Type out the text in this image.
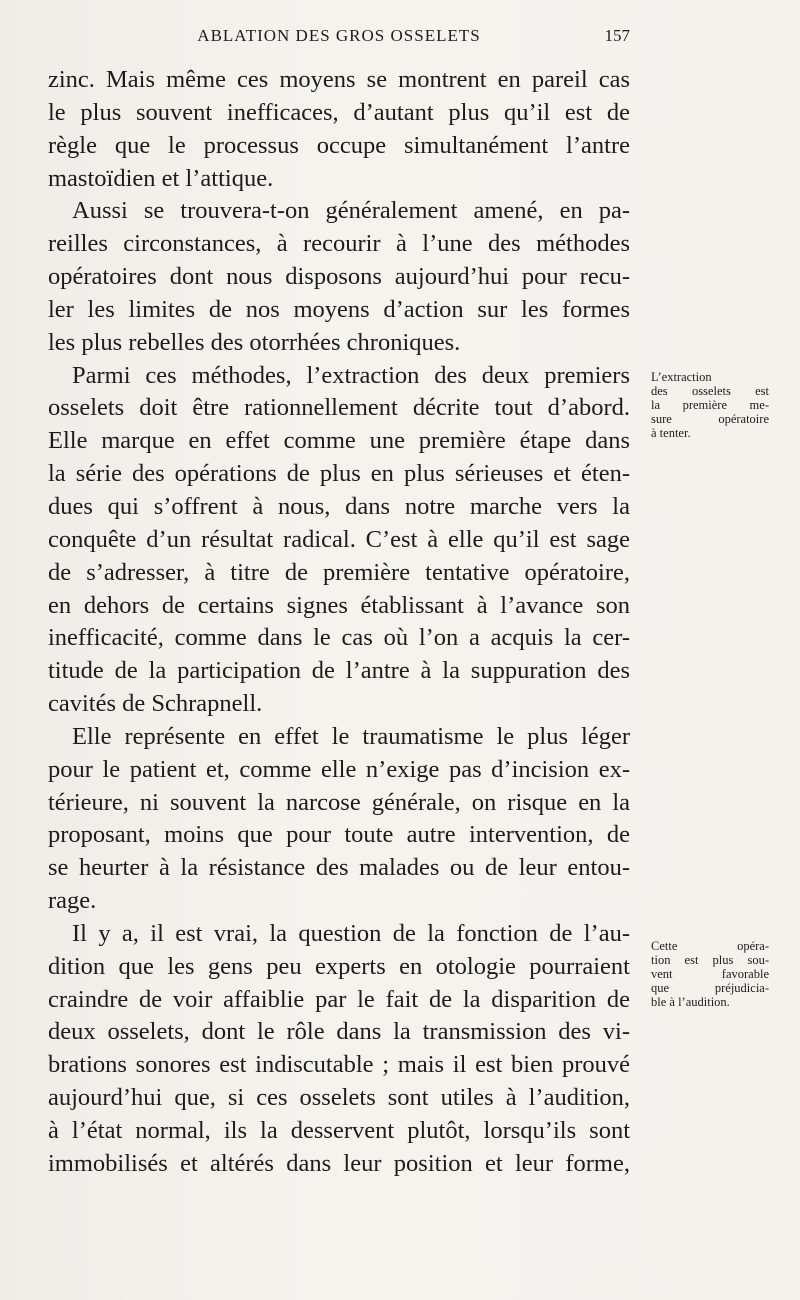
ABLATION DES GROS OSSELETS	157
zinc. Mais même ces moyens se montrent en pareil cas
le plus souvent inefficaces, d’autant plus qu’il est de
règle que le processus occupe simultanément l’antre
mastoïdien et l’attique.
Aussi se trouvera-t-on généralement amené, en pa-
reilles circonstances, à recourir à l’une des méthodes
opératoires dont nous disposons aujourd’hui pour recu-
ler les limites de nos moyens d’action sur les formes
les plus rebelles des otorrhées chroniques.
Parmi ces méthodes, l’extraction des deux premiers
osselets doit être rationnellement décrite tout d’abord.
Elle marque en effet comme une première étape dans
la série des opérations de plus en plus sérieuses et éten-
dues qui s’offrent à nous, dans notre marche vers la
conquête d’un résultat radical. C’est à elle qu’il est sage
de s’adresser, à titre de première tentative opératoire,
en dehors de certains signes établissant à l’avance son
inefficacité, comme dans le cas où l’on a acquis la cer-
titude de la participation de l’antre à la suppuration des
cavités de Schrapnell.
Elle représente en effet le traumatisme le plus léger
pour le patient et, comme elle n’exige pas d’incision ex-
térieure, ni souvent la narcose générale, on risque en la
proposant, moins que pour toute autre intervention, de
se heurter à la résistance des malades ou de leur entou-
rage.
Il y a, il est vrai, la question de la fonction de l’au-
dition que les gens peu experts en otologie pourraient
craindre de voir affaiblie par le fait de la disparition de
deux osselets, dont le rôle dans la transmission des vi-
brations sonores est indiscutable ; mais il est bien prouvé
aujourd’hui que, si ces osselets sont utiles à l’audition,
à l’état normal, ils la desservent plutôt, lorsqu’ils sont
immobilisés et altérés dans leur position et leur forme,
L’extraction
des osselets est
la première me-
sure opératoire
à tenter.
Cette opéra-
tion est plus sou-
vent favorable
que préjudicia-
ble à l’audition.
